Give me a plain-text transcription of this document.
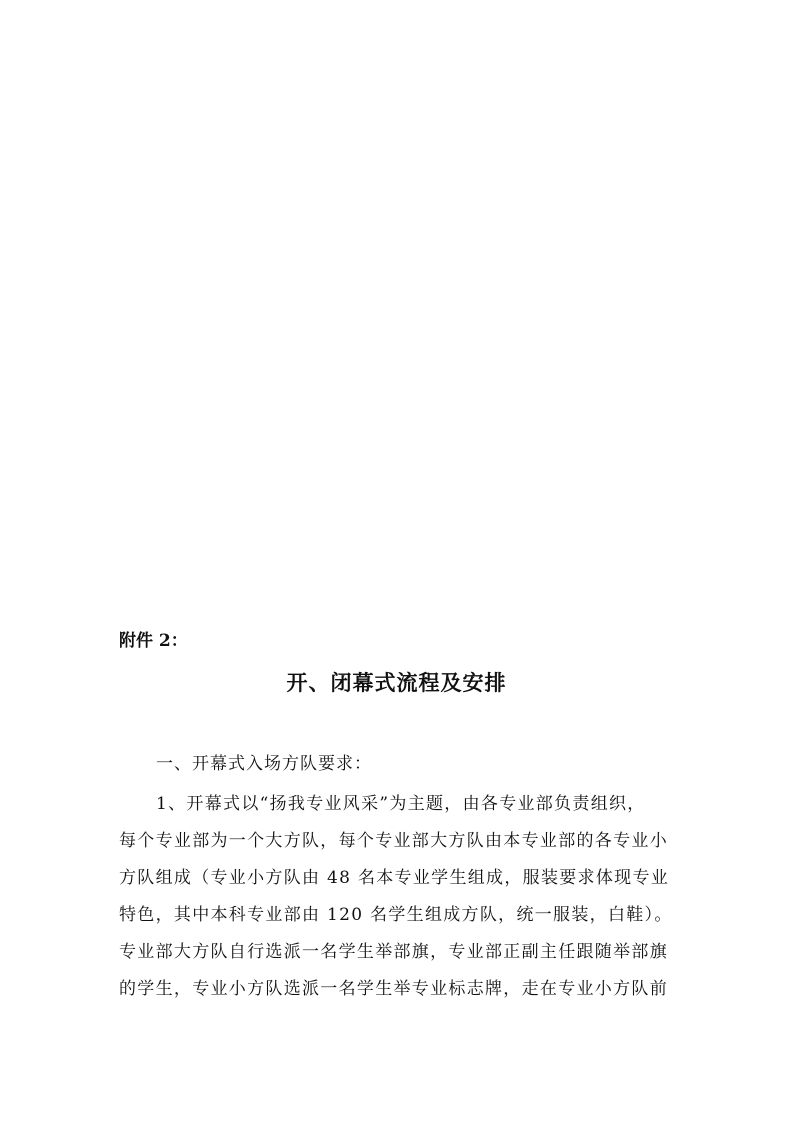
附件 2：
开、闭幕式流程及安排
一、开幕式入场方队要求：
1、开幕式以“扬我专业风采”为主题，由各专业部负责组织，
每个专业部为一个大方队，每个专业部大方队由本专业部的各专业小
方队组成（专业小方队由 48 名本专业学生组成，服装要求体现专业
特色，其中本科专业部由 120 名学生组成方队，统一服装，白鞋）。
专业部大方队自行选派一名学生举部旗，专业部正副主任跟随举部旗
的学生，专业小方队选派一名学生举专业标志牌，走在专业小方队前
